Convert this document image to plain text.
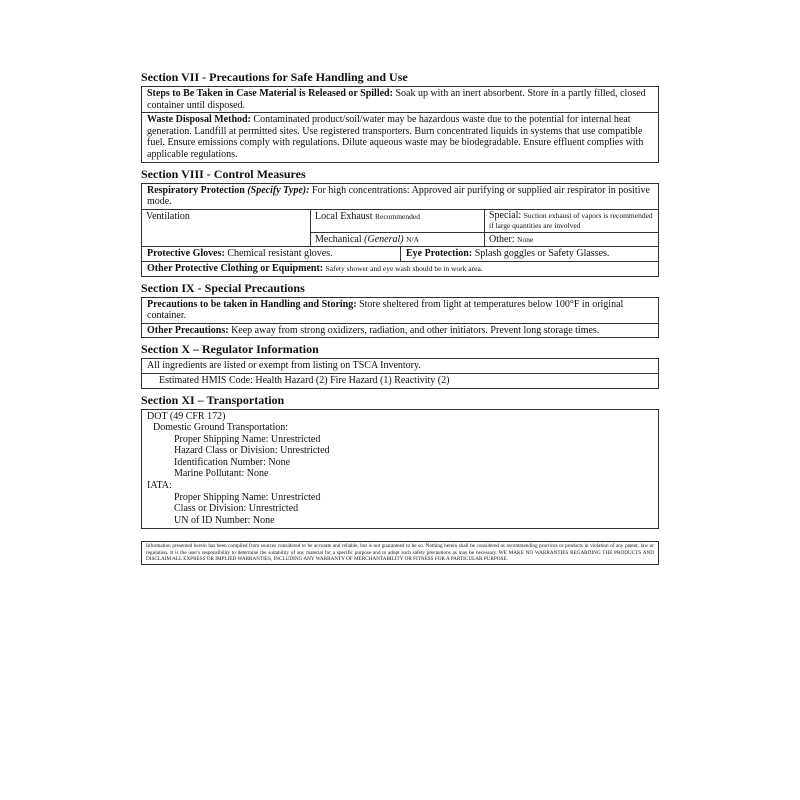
Section VII - Precautions for Safe Handling and Use
Steps to Be Taken in Case Material is Released or Spilled: Soak up with an inert absorbent. Store in a partly filled, closed container until disposed.
Waste Disposal Method: Contaminated product/soil/water may be hazardous waste due to the potential for internal heat generation. Landfill at permitted sites. Use registered transporters. Burn concentrated liquids in systems that use compatible fuel. Ensure emissions comply with regulations. Dilute aqueous waste may be biodegradable. Ensure effluent complies with applicable regulations.
Section VIII - Control Measures
Respiratory Protection (Specify Type): For high concentrations: Approved air purifying or supplied air respirator in positive mode.
Ventilation	Local Exhaust Recommended	Special: Suction exhaust of vapors is recommended if large quantities are involved
Mechanical (General) N/A	Other: None
Protective Gloves: Chemical resistant gloves.	Eye Protection: Splash goggles or Safety Glasses.
Other Protective Clothing or Equipment: Safety shower and eye wash should be in work area.
Section IX - Special Precautions
Precautions to be taken in Handling and Storing: Store sheltered from light at temperatures below 100°F in original container.
Other Precautions: Keep away from strong oxidizers, radiation, and other initiators. Prevent long storage times.
Section X – Regulator Information
All ingredients are listed or exempt from listing on TSCA Inventory.
Estimated HMIS Code: Health Hazard (2) Fire Hazard (1) Reactivity (2)
Section XI – Transportation
DOT (49 CFR 172)
Domestic Ground Transportation:
Proper Shipping Name: Unrestricted
Hazard Class or Division: Unrestricted
Identification Number: None
Marine Pollutant: None
IATA:
Proper Shipping Name: Unrestricted
Class or Division: Unrestricted
UN of ID Number: None
Information presented herein has been compiled from sources considered to be accurate and reliable, but is not guaranteed to be so. Nothing herein shall be considered as recommending practices or products in violation of any patent, law or regulation. It is the user's responsibility to determine the suitability of any material for a specific purpose and to adopt such safety precautions as may be necessary. WE MAKE NO WARRANTIES REGARDING THE PRODUCTS AND DISCLAIM ALL EXPRESS OR IMPLIED WARRANTIES, INCLUDING ANY WARRANTY OF MERCHANTABILITY OR FITNESS FOR A PARTICULAR PURPOSE.
